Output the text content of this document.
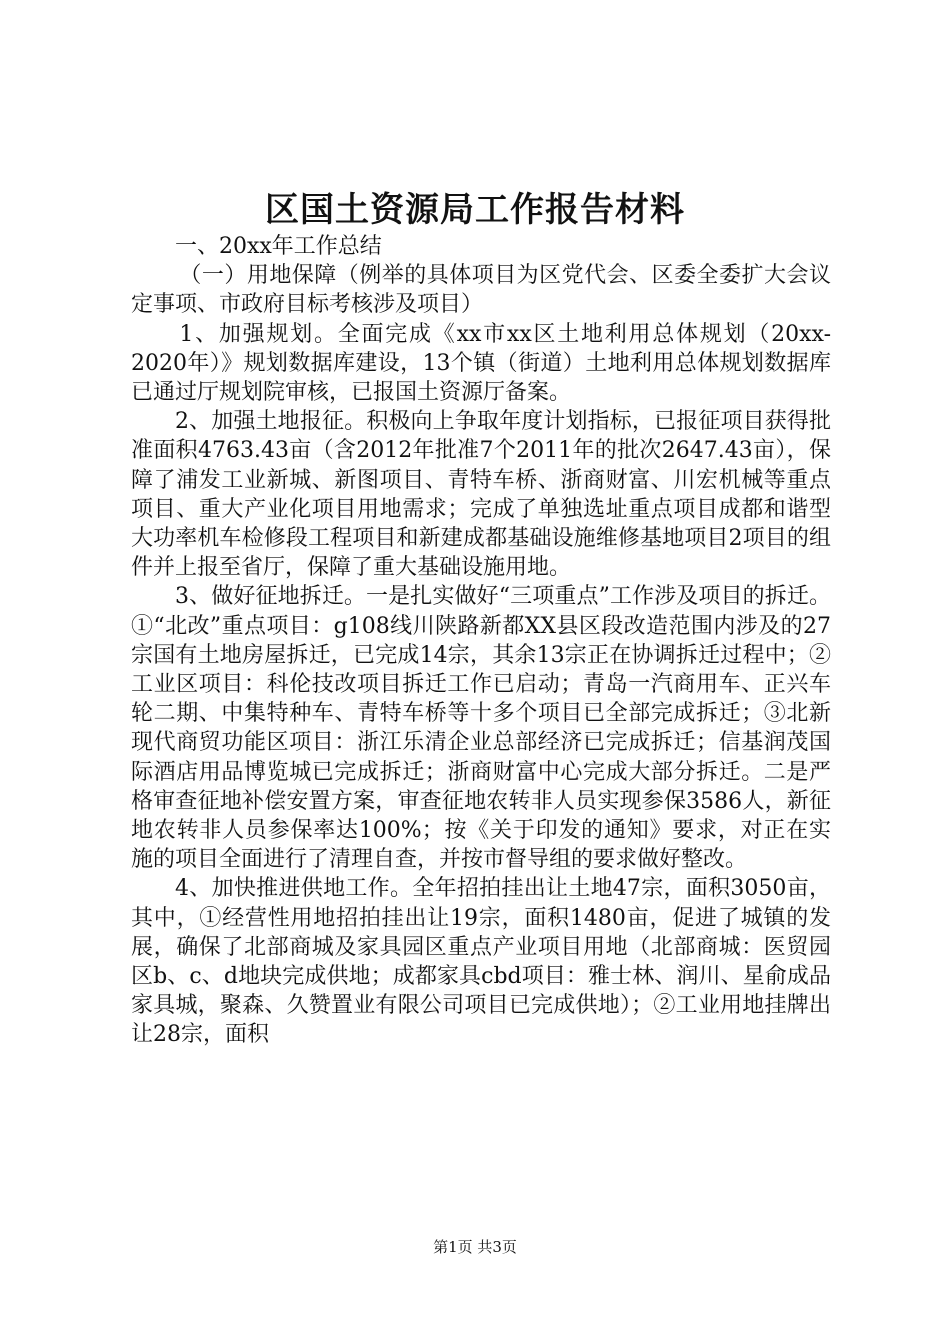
区国土资源局工作报告材料

一、20xx年工作总结

（一）用地保障（例举的具体项目为区党代会、区委全委扩大会议定事项、市政府目标考核涉及项目）

1、加强规划。全面完成《xx市xx区土地利用总体规划（20xx-2020年）》规划数据库建设，13个镇（街道）土地利用总体规划数据库已通过厅规划院审核，已报国土资源厅备案。

2、加强土地报征。积极向上争取年度计划指标，已报征项目获得批准面积4763.43亩（含2012年批准7个2011年的批次2647.43亩），保障了浦发工业新城、新图项目、青特车桥、浙商财富、川宏机械等重点项目、重大产业化项目用地需求；完成了单独选址重点项目成都和谐型大功率机车检修段工程项目和新建成都基础设施维修基地项目2项目的组件并上报至省厅，保障了重大基础设施用地。

3、做好征地拆迁。一是扎实做好“三项重点”工作涉及项目的拆迁。①“北改”重点项目：g108线川陕路新都XX县区段改造范围内涉及的27宗国有土地房屋拆迁，已完成14宗，其余13宗正在协调拆迁过程中；②工业区项目：科伦技改项目拆迁工作已启动；青岛一汽商用车、正兴车轮二期、中集特种车、青特车桥等十多个项目已全部完成拆迁；③北新现代商贸功能区项目：浙江乐清企业总部经济已完成拆迁；信基润茂国际酒店用品博览城已完成拆迁；浙商财富中心完成大部分拆迁。二是严格审查征地补偿安置方案，审查征地农转非人员实现参保3586人，新征地农转非人员参保率达100%；按《关于印发的通知》要求，对正在实施的项目全面进行了清理自查，并按市督导组的要求做好整改。

4、加快推进供地工作。全年招拍挂出让土地47宗，面积3050亩，其中，①经营性用地招拍挂出让19宗，面积1480亩，促进了城镇的发展，确保了北部商城及家具园区重点产业项目用地（北部商城：医贸园区b、c、d地块完成供地；成都家具cbd项目：雅士林、润川、星俞成品家具城，聚森、久赞置业有限公司项目已完成供地）；②工业用地挂牌出让28宗，面积

第1页 共3页
